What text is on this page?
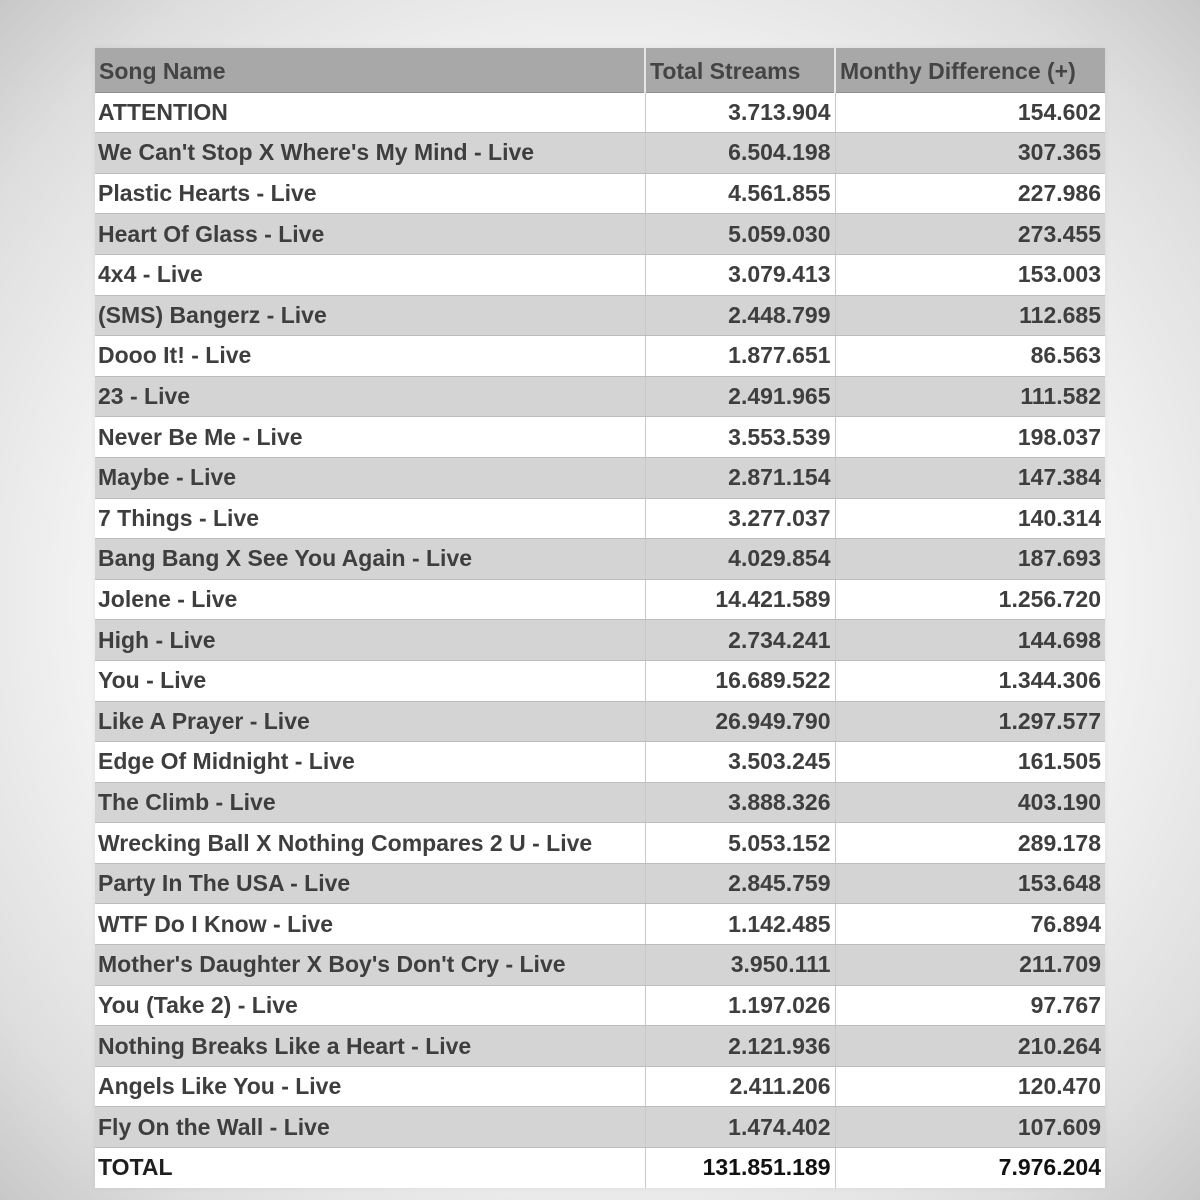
Song Name	Total Streams	Monthy Difference (+)
ATTENTION	3.713.904	154.602
We Can't Stop X Where's My Mind - Live	6.504.198	307.365
Plastic Hearts - Live	4.561.855	227.986
Heart Of Glass - Live	5.059.030	273.455
4x4 - Live	3.079.413	153.003
(SMS) Bangerz - Live	2.448.799	112.685
Dooo It! - Live	1.877.651	86.563
23 - Live	2.491.965	111.582
Never Be Me - Live	3.553.539	198.037
Maybe - Live	2.871.154	147.384
7 Things - Live	3.277.037	140.314
Bang Bang X See You Again - Live	4.029.854	187.693
Jolene - Live	14.421.589	1.256.720
High - Live	2.734.241	144.698
You - Live	16.689.522	1.344.306
Like A Prayer - Live	26.949.790	1.297.577
Edge Of Midnight - Live	3.503.245	161.505
The Climb - Live	3.888.326	403.190
Wrecking Ball X Nothing Compares 2 U - Live	5.053.152	289.178
Party In The USA - Live	2.845.759	153.648
WTF Do I Know - Live	1.142.485	76.894
Mother's Daughter X Boy's Don't Cry - Live	3.950.111	211.709
You (Take 2) - Live	1.197.026	97.767
Nothing Breaks Like a Heart - Live	2.121.936	210.264
Angels Like You - Live	2.411.206	120.470
Fly On the Wall - Live	1.474.402	107.609
TOTAL	131.851.189	7.976.204
